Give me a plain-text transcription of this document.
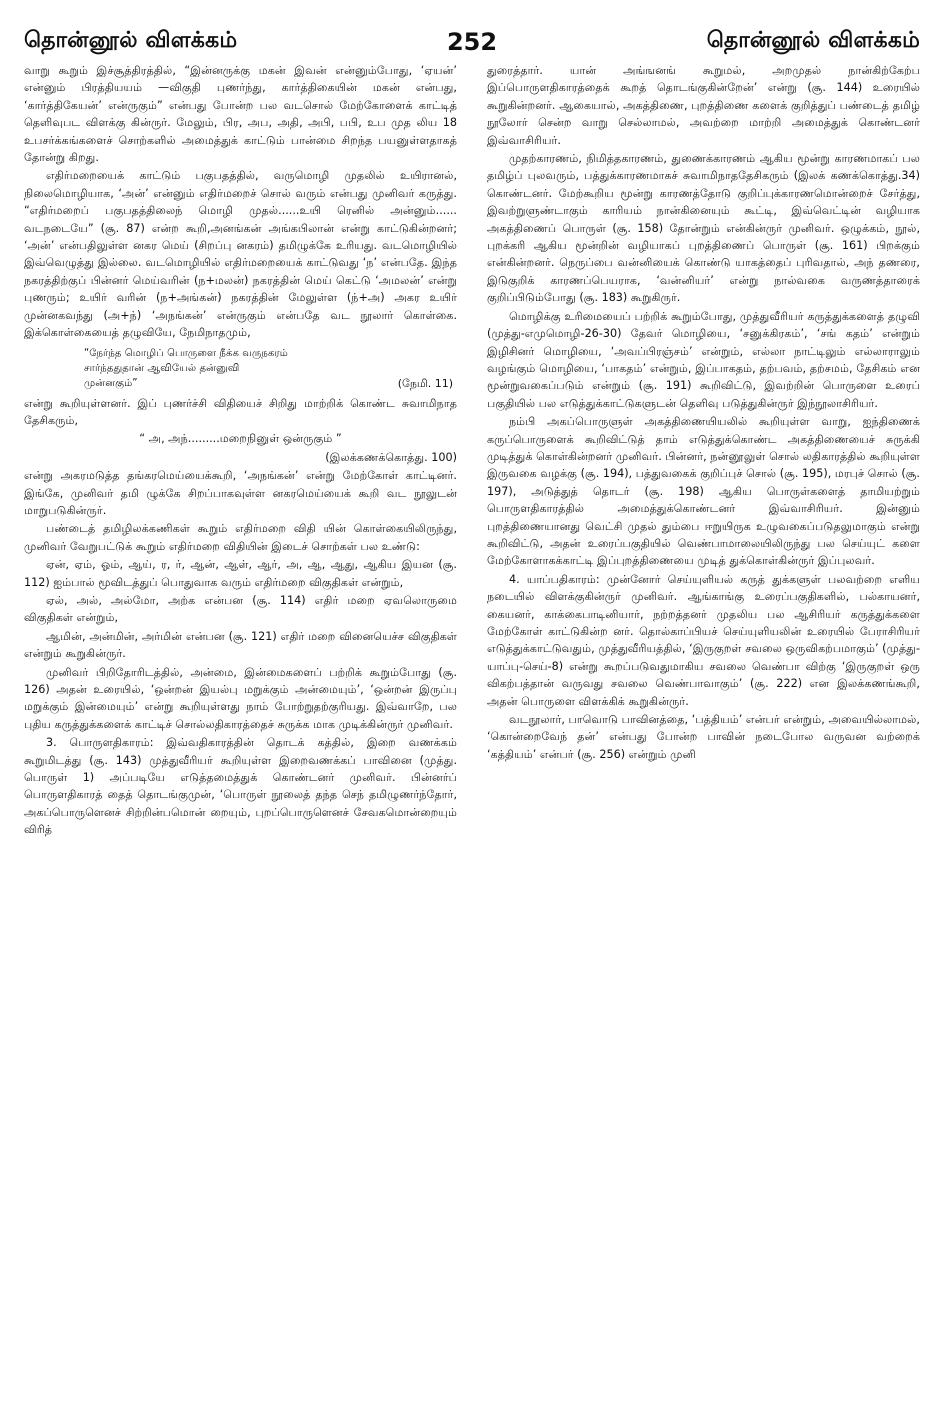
தொன்னூல் விளக்கம்	252	தொன்னூல் விளக்கம்

வாறு கூறும் இச்சூத்திரத்தில், “இன்னருக்கு மகன் இவன் என்னும்போது, ‘ஏயன்’ என்னும் பிரத்தியயம் —விகுதி புணர்ந்து, கார்த்திகையின் மகன் என்பது, ‘கார்த்திகேயன்’ என்ருகும்” என்பது போன்ற பல வடசொல் மேற்கோளைக் காட்டித் தெளிவுபட விளக்கு கின்ருர். மேலும், பிர, அப, அதி, அபி, பபி, உப முத லிய 18 உபசர்க்கங்களைச் சொற்களில் அமைத்துக் காட்டும் பான்மை சிறந்த பயனுள்ளதாகத் தோன்று கிறது.

எதிர்மறையைக் காட்டும் பகுபதத்தில், வருமொழி முதலில் உயிரானல், நிலைமொழியாக, ‘அன்’ என்னும் எதிர்மறைச் சொல் வரும் என்பது முனிவர் கருத்து. “எதிர்மறைப் பகுபதத்திலைந் மொழி முதல்......உயி ரெனில் அன்னும்...... வடநடையே” (சூ. 87) என்ற கூறி,அனங்கன் அங்கபிலான் என்று காட்டுகின்றனர்; ‘அன்’ என்பதிலுள்ள னகர மெய் (சிறப்பு னகரம்) தமிழுக்கே உரியது. வடமொழியில் இவ்வெழுத்து இல்லை. வடமொழியில் எதிர்மறையைக் காட்டுவது ‘ந’ என்பதே. இந்த நகரத்திற்குப் பின்னர் மெய்வரின் (ந+மலன்) நகரத்தின் மெய் கெட்டு ‘அமலன்’ என்று புணரும்; உயிர் வரின் (ந+அங்கன்) நகரத்தின் மேலுள்ள (ந்+அ) அகர உயிர் முன்னகவந்து (அ+ந்) ‘அநங்கன்’ என்ருகும் என்பதே வட நூலார் கொள்கை. இக்கொள்கையைத் தழுவியே, நேமிநாதமும்,

“நேர்ந்த மொழிப் பொருளை நீக்க வருநகரம்
சார்ந்ததுதான் ஆவியேல் தன்னுவி
முன்னகும்”	(நேமி. 11)

என்று கூறியுள்ளனர். இப் புணர்ச்சி விதியைச் சிறிது மாற்றிக் கொண்ட சுவாமிநாத தேசிகரும்,

“ அ, அந்.........மறைநினுள் ஒன்ருகும் ”

(இலக்கணக்கொத்து. 100)

என்று அகரமடுத்த தங்கரமெய்யைக்கூறி, ‘அநங்கன்’ என்று மேற்கோள் காட்டினர். இங்கே, முனிவர் தமி ழுக்கே சிறப்பாகவுள்ள னகரமெய்யைக் கூறி வட நூலுடன் மாறுபடுகின்ருர்.

பண்டைத் தமிழிலக்கணிகள் கூறும் எதிர்மறை விதி யின் கொள்கையிலிருந்து, முனிவர் வேறுபட்டுக் கூறும் எதிர்மறை விதியின் இடைச் சொற்கள் பல உண்டு:

ஏன், ஏம், ஓம், ஆய், ர, ர், ஆன், ஆள், ஆர், அ, ஆ, ஆது, ஆகிய இயன (சூ. 112) ஐம்பால் மூவிடத்துப் பொதுவாக வரும் எதிர்மறை விகுதிகள் என்றும்,

ஏல், அல், அல்மோ, அற்க என்பன (சூ. 114) எதிர் மறை ஏவலொருமை விகுதிகள் என்றும்,

ஆமின், அன்மின், அர்மின் என்பன (சூ. 121) எதிர் மறை வினையெச்ச விகுதிகள் என்றும் கூறுகின்ருர்.

முனிவர் பிறிதோரிடத்தில், அன்மை, இன்மைகளைப் பற்றிக் கூறும்போது (சூ. 126) அதன் உரையில், ‘ஒன்றன் இயல்பு மறுக்கும் அன்மையும்’, ‘ஒன்றன் இருப்பு மறுக்கும் இன்மையும்’ என்று கூறியுள்ளது நாம் போற்றுதற்குரியது. இவ்வாறே, பல புதிய கருத்துக்களைக் காட்டிச் சொல்லதிகாரத்தைச் சுருக்க மாக முடிக்கின்ருர் முனிவர்.

3. பொருளதிகாரம்: இவ்வதிகாரத்தின் தொடக் கத்தில், இறை வணக்கம் கூறுமிடத்து (சூ. 143) முத்துவீரியர் கூறியுள்ள இறைவணக்கப் பாவினை (முத்து. பொருள் 1) அப்படியே எடுத்தமைத்துக் கொண்டனர் முனிவர். பின்னர்ப் பொருளதிகாரத் தைத் தொடங்குமுன், ‘பொருள் நூலைத் தந்த செந் தமிழுணர்ந்தோர், அகப்பொருளெனச் சிற்றின்பமொன் றையும், புறப்பொருளெனச் சேவகமொன்றையும் விரித்

துரைத்தார். யான் அங்ஙனங் கூறுமல், அறமுதல் நான்கிற்கேற்ப இப்பொருளதிகாரத்தைக் கூறத் தொடங்குகின்றேன்’ என்று (சூ. 144) உரையில் கூறுகின்றனர். ஆகையால், அகத்திணை, புறத்திணை களைக் குறித்துப் பண்டைத் தமிழ் நூலோர் சென்ற வாறு செல்லாமல், அவற்றை மாற்றி அமைத்துக் கொண்டனர் இவ்வாசிரியர்.

முதற்காரணம், நிமித்தகாரணம், துணைக்காரணம் ஆகிய மூன்று காரணமாகப் பல தமிழ்ப் புலவரும், பத்துக்காரணமாகச் சுவாமிநாததேசிகரும் (இலக் கணக்கொத்து.34) கொண்டனர். மேற்கூறிய மூன்று காரணத்தோடு குறிப்புக்காரணமொன்றைச் சேர்த்து, இவற்றுளுண்டாகும் காரியம் நான்கினையும் கூட்டி, இவ்வெட்டின் வழியாக அகத்திணைப் பொருள் (சூ. 158) தோன்றும் என்கின்ருர் முனிவர். ஒழுக்கம், நூல், புறக்கரி ஆகிய மூன்றின் வழியாகப் புறத்திணைப் பொருள் (சூ. 161) பிறக்கும் என்கின்றனர். நெருப்பை வன்னியைக் கொண்டு யாகத்தைப் புரிவதால், அந் தணரை, இடுகுறிக் காரணப்பெயராக, ‘வன்னியர்’ என்று நால்வகை வருணத்தாரைக் குறிப்பிடும்போது (சூ. 183) கூறுகிருர்.

மொழிக்கு உரிமையைப் பற்றிக் கூறும்போது, முத்துவீரியர் கருத்துக்களைத் தழுவி (முத்து-எமுமொழி-26-30) தேவர் மொழியை, ‘சனுக்கிரகம்’, ‘சங் கதம்’ என்றும் இழிசினர் மொழியை, ‘அவப்பிரஞ்சம்’ என்றும், எல்லா நாட்டிலும் எல்லாராலும் வழங்கும் மொழியை, ‘பாகதம்’ என்றும், இப்பாகதம், தற்பவம், தற்சமம், தேசிகம் என மூன்றுவகைப்படும் என்றும் (சூ. 191) கூறிவிட்டு, இவற்றின் பொருளை உரைப் பகுதியில் பல எடுத்துக்காட்டுகளுடன் தெளிவு படுத்துகின்ருர் இந்நூலாசிரியர்.

நம்பி அகப்பொருளுள் அகத்திணையியலில் கூறியுள்ள வாறு, ஐந்திணைக் கருப்பொருளைக் கூறிவிட்டுத் தாம் எடுத்துக்கொண்ட அகத்திணையைச் சுருக்கி முடித்துக் கொள்கின்றனர் முனிவர். பின்னர், நன்னூலுள் சொல் லதிகாரத்தில் கூறியுள்ள இருவகை வழக்கு (சூ. 194), பத்துவகைக் குறிப்புச் சொல் (சூ. 195), மரபுச் சொல் (சூ. 197), அடுத்துத் தொடர் (சூ. 198) ஆகிய பொருள்களைத் தாமியற்றும் பொருளதிகாரத்தில் அமைத்துக்கொண்டனர் இவ்வாசிரியர். இன்னும் புறத்திணையானது வெட்சி முதல் தும்பை ஈறுயிருக உழுவகைப்படுதலுமாகும் என்று கூறிவிட்டு, அதன் உரைப்பகுதியில் வெண்பாமாலையிலிருந்து பல செய்யுட் களை மேற்கோளாகக்காட்டி இப்புறத்திணையை முடித் துக்கொள்கின்ருர் இப்புலவர்.

4. யாப்பதிகாரம்: முன்னோர் செய்யுளியல் கருத் துக்களுள் பலவற்றை எளிய நடையில் விளக்குகின்ருர் முனிவர். ஆங்காங்கு உரைப்பகுதிகளில், பல்காயனர், கையனர், காக்கைபாடினியார், நற்றத்தனர் முதலிய பல ஆசிரியர் கருத்துக்களை மேற்கோள் காட்டுகின்ற னர். தொல்காப்பியச் செய்யுளியலின் உரையில் பேராசிரியர் எடுத்துக்காட்டுவதும், முத்துவீரியத்தில், ‘இருகுறள் சவலை ஒருவிகற்பமாகும்’ (முத்து-யாப்பு-செய்-8) என்று கூறப்படுவதுமாகிய சவலை வெண்பா விற்கு ‘இருகுறள் ஒரு விகற்பத்தான் வருவது சவலை வெண்பாவாகும்’ (சூ. 222) என இலக்கணங்கூறி, அதன் பொருளை விளக்கிக் கூறுகின்ருர்.

வடநூலார், பாவொடு பாவினத்தை, ‘பத்தியம்’ என்பர் என்றும், அவையில்லாமல், ‘கொன்றைவேந் தன்’ என்பது போன்ற பாவின் நடைபோல வருவன வற்றைக் ‘கத்தியம்’ என்பர் (சூ. 256) என்றும் முனி
